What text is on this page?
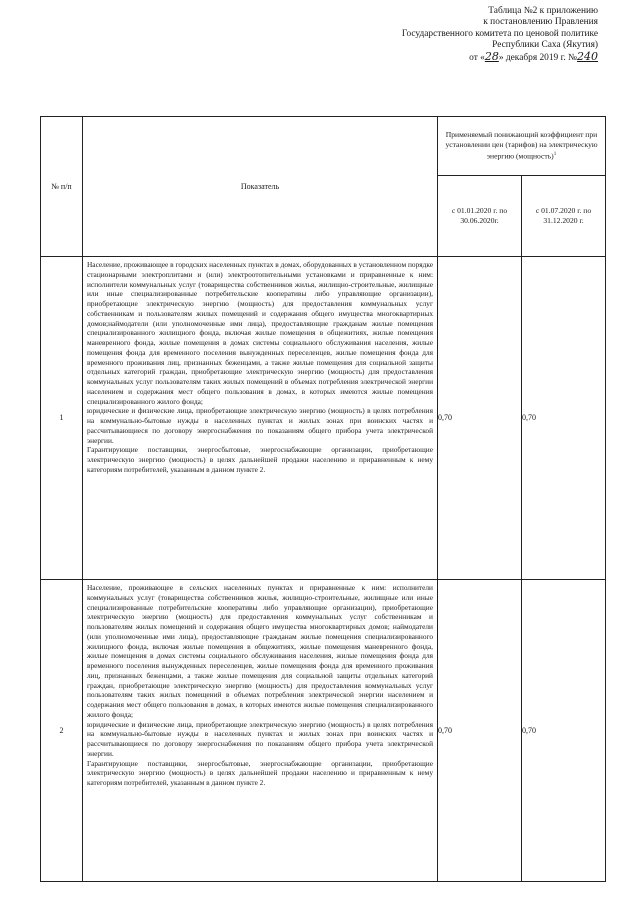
Таблица №2 к приложению
к постановлению Правления
Государственного комитета по ценовой политике
Республики Саха (Якутия)
от «28» декабря 2019 г. №240
№ п/п	Показатель	Применяемый понижающий коэффициент при установлении цен (тарифов) на электрическую энергию (мощность)$^1$
		с 01.01.2020 г. по 30.06.2020г.	с 01.07.2020 г. по 31.12.2020 г.
1	Население, проживающее в городских населенных пунктах в домах, оборудованных в установленном порядке стационарными электроплитами и (или) электроотопительными установками и приравненные к ним: исполнители коммунальных услуг (товарищества собственников жилья, жилищно-строительные, жилищные или иные специализированные потребительские кооперативы либо управляющие организации), приобретающие электрическую энергию (мощность) для предоставления коммунальных услуг собственникам и пользователям жилых помещений и содержания общего имущества многоквартирных домов;наймодатели (или уполномоченные ими лица), предоставляющие гражданам жилые помещения специализированного жилищного фонда, включая жилые помещения в общежитиях, жилые помещения маневренного фонда, жилые помещения в домах системы социального обслуживания населения, жилые помещения фонда для временного поселения вынужденных переселенцев, жилые помещения фонда для временного проживания лиц, признанных беженцами, а также жилые помещения для социальной защиты отдельных категорий граждан, приобретающие электрическую энергию (мощность) для предоставления коммунальных услуг пользователям таких жилых помещений в объемах потребления электрической энергии населением и содержания мест общего пользования в домах, в которых имеются жилые помещения специализированного жилого фонда;
юридические и физические лица, приобретающие электрическую энергию (мощность) в целях потребления на коммунально-бытовые нужды в населенных пунктах и жилых зонах при воинских частях и рассчитывающиеся по договору энергоснабжения по показаниям общего прибора учета электрической энергии.
Гарантирующие поставщики, энергосбытовые, энергоснабжающие организации, приобретающие электрическую энергию (мощность) в целях дальнейшей продажи населению и приравненным к нему категориям потребителей, указанным в данном пункте 2.	0,70	0,70
2	Население, проживающее в сельских населенных пунктах и приравненные к ним: исполнители коммунальных услуг (товарищества собственников жилья, жилищно-строительные, жилищные или иные специализированные потребительские кооперативы либо управляющие организации), приобретающие электрическую энергию (мощность) для предоставления коммунальных услуг собственникам и пользователям жилых помещений и содержания общего имущества многоквартирных домов; наймодатели (или уполномоченные ими лица), предоставляющие гражданам жилые помещения специализированного жилищного фонда, включая жилые помещения в общежитиях, жилые помещения маневренного фонда, жилые помещения в домах системы социального обслуживания населения, жилые помещения фонда для временного поселения вынужденных переселенцев, жилые помещения фонда для временного проживания лиц, признанных беженцами, а также жилые помещения для социальной защиты отдельных категорий граждан, приобретающие электрическую энергию (мощность) для предоставления коммунальных услуг пользователям таких жилых помещений в объемах потребления электрической энергии населением и содержания мест общего пользования в домах, в которых имеются жилые помещения специализированного жилого фонда;
юридические и физические лица, приобретающие электрическую энергию (мощность) в целях потребления на коммунально-бытовые нужды в населенных пунктах и жилых зонах при воинских частях и рассчитывающиеся по договору энергоснабжения по показаниям общего прибора учета электрической энергии.
Гарантирующие поставщики, энергосбытовые, энергоснабжающие организации, приобретающие электрическую энергию (мощность) в целях дальнейшей продажи населению и приравненным к нему категориям потребителей, указанным в данном пункте 2.	0,70	0,70
